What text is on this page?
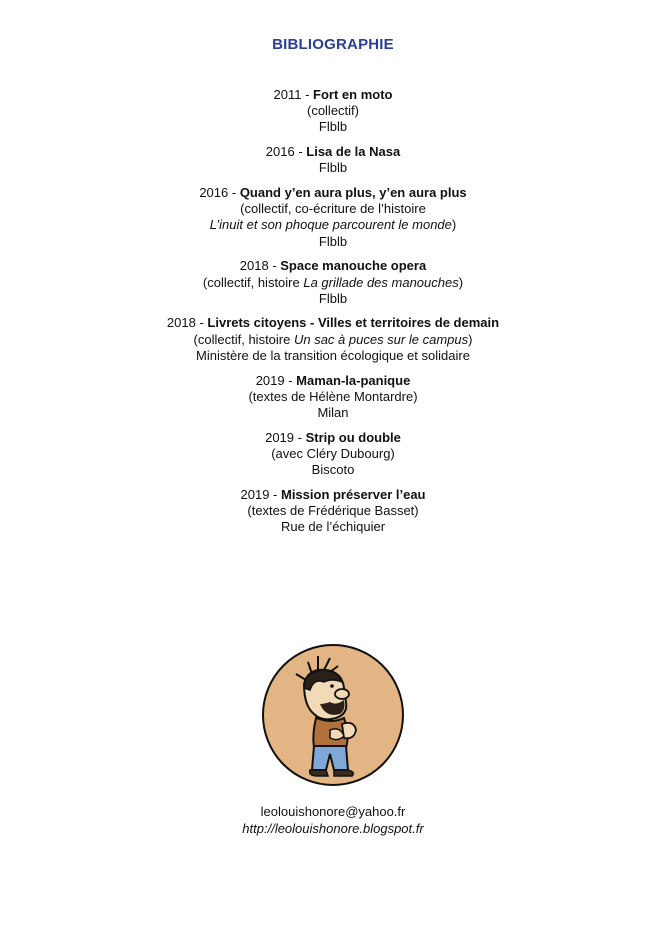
BIBLIOGRAPHIE
2011 - Fort en moto
(collectif)
Flblb
2016 - Lisa de la Nasa
Flblb
2016 - Quand y’en aura plus, y’en aura plus
(collectif, co-écriture de l’histoire
L’inuit et son phoque parcourent le monde)
Flblb
2018 - Space manouche opera
(collectif, histoire La grillade des manouches)
Flblb
2018 - Livrets citoyens - Villes et territoires de demain
(collectif, histoire Un sac à puces sur le campus)
Ministère de la transition écologique et solidaire
2019 - Maman-la-panique
(textes de Hélène Montardre)
Milan
2019 - Strip ou double
(avec Cléry Dubourg)
Biscoto
2019 - Mission préserver l’eau
(textes de Frédérique Basset)
Rue de l’échiquier
leolouishonore@yahoo.fr
http://leolouishonore.blogspot.fr
